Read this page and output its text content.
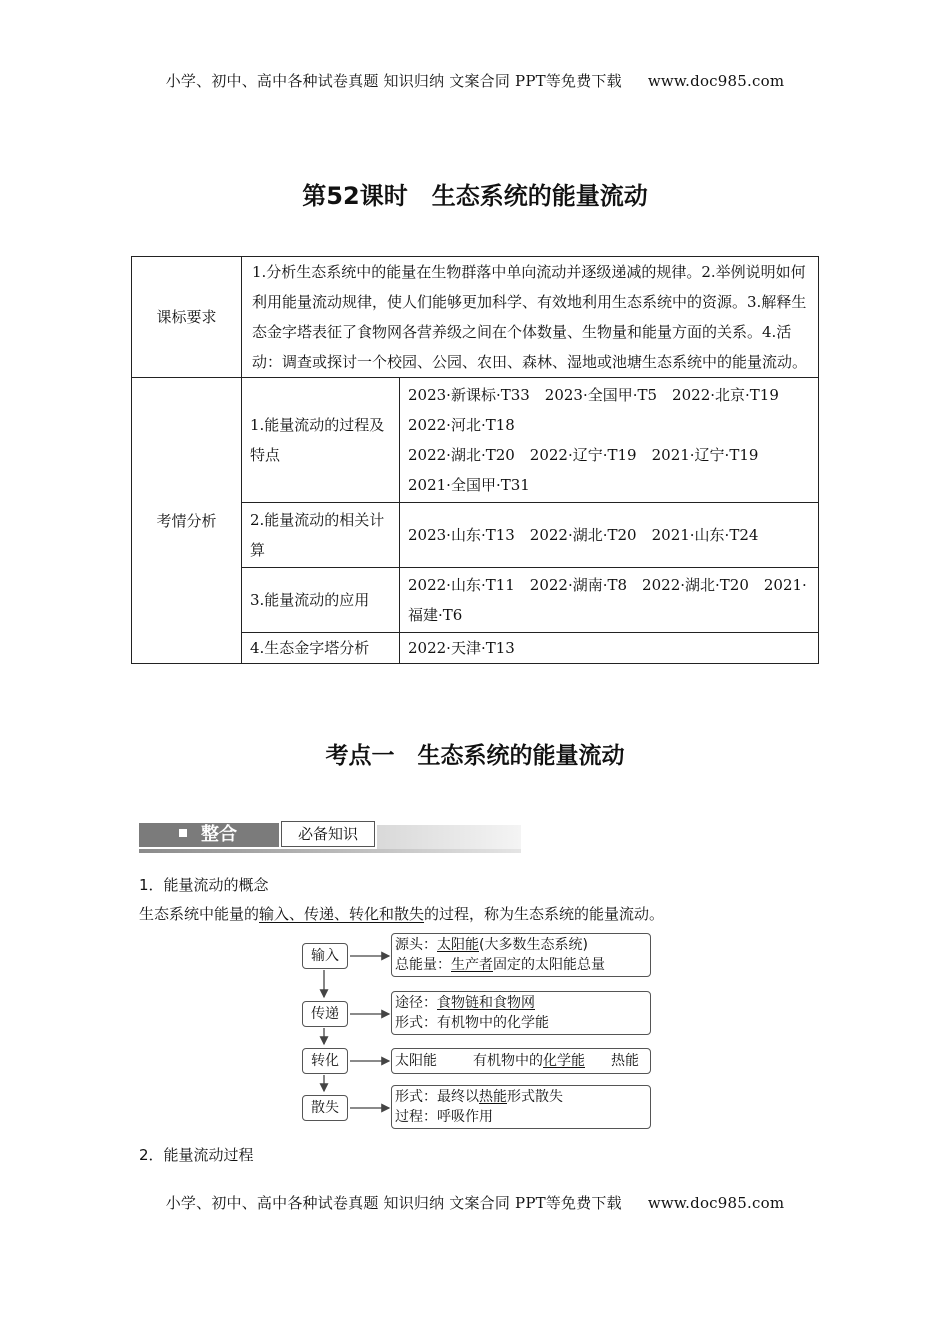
小学、初中、高中各种试卷真题 知识归纳 文案合同 PPT等免费下载 www.doc985.com
第52课时 生态系统的能量流动
课标要求	1.分析生态系统中的能量在生物群落中单向流动并逐级递减的规律。2.举例说明如何利用能量流动规律，使人们能够更加科学、有效地利用生态系统中的资源。3.解释生态金字塔表征了食物网各营养级之间在个体数量、生物量和能量方面的关系。4.活动：调查或探讨一个校园、公园、农田、森林、湿地或池塘生态系统中的能量流动。	
考情分析	1.能量流动的过程及特点	2023·新课标·T33　2023·全国甲·T5　2022·北京·T19
2022·河北·T18
2022·湖北·T20　2022·辽宁·T19　2021·辽宁·T19
2021·全国甲·T31

	2.能量流动的相关计算	2023·山东·T13　2022·湖北·T20　2021·山东·T24

	3.能量流动的应用	2022·山东·T11　2022·湖南·T8　2022·湖北·T20　2021·福建·T6

	4.生态金字塔分析	2022·天津·T13
考点一　生态系统的能量流动
整合	必备知识
1．能量流动的概念
生态系统中能量的输入、传递、转化和散失的过程，称为生态系统的能量流动。
输入
传递
转化
散失
源头：太阳能(大多数生态系统)
总能量：生产者固定的太阳能总量
途径：食物链和食物网
形式：有机物中的化学能
太阳能	有机物中的化学能 热能
形式：最终以热能形式散失
过程：呼吸作用
2．能量流动过程
小学、初中、高中各种试卷真题 知识归纳 文案合同 PPT等免费下载 www.doc985.com
